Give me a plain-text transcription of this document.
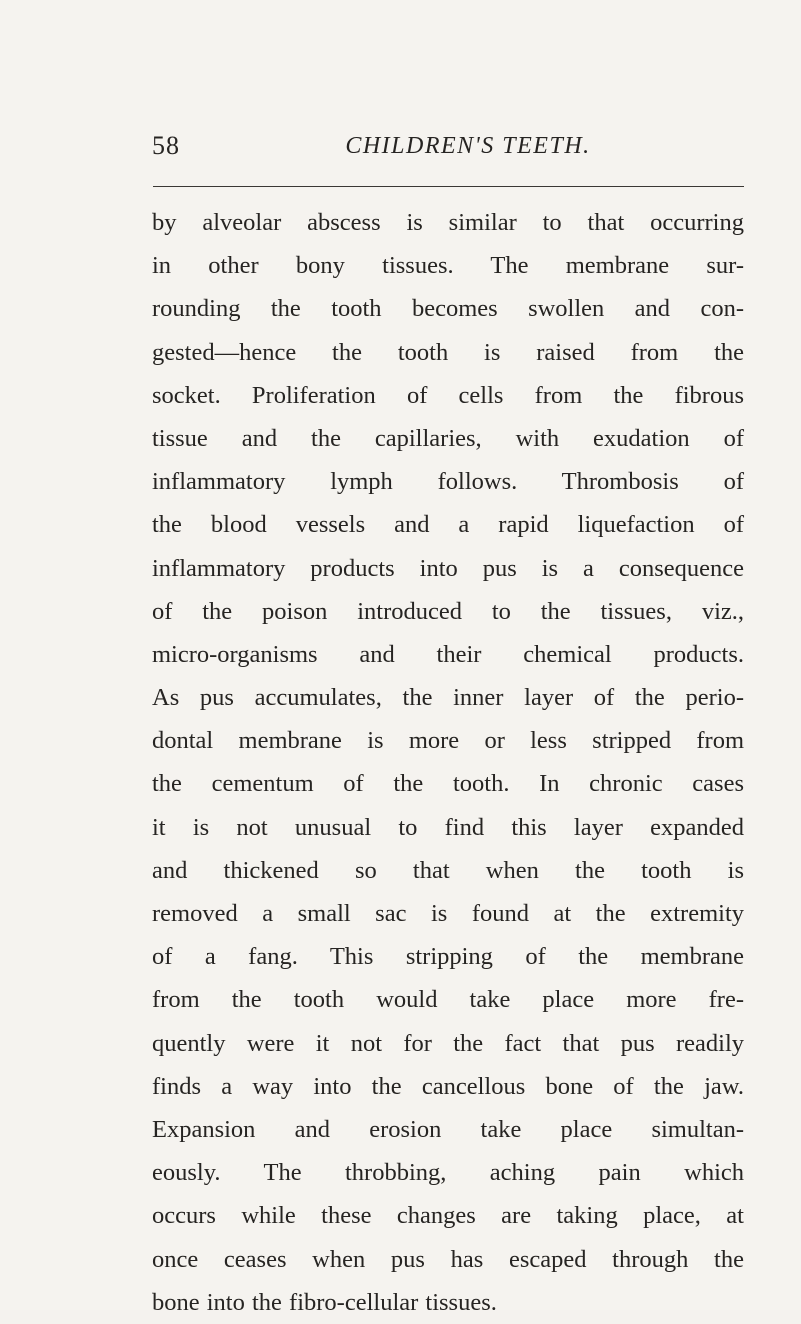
58	CHILDREN'S TEETH.

by alveolar abscess is similar to that occurring
in other bony tissues. The membrane sur-
rounding the tooth becomes swollen and con-
gested—hence the tooth is raised from the
socket. Proliferation of cells from the fibrous
tissue and the capillaries, with exudation of
inflammatory lymph follows. Thrombosis of
the blood vessels and a rapid liquefaction of
inflammatory products into pus is a consequence
of the poison introduced to the tissues, viz.,
micro-organisms and their chemical products.
As pus accumulates, the inner layer of the perio-
dontal membrane is more or less stripped from
the cementum of the tooth. In chronic cases
it is not unusual to find this layer expanded
and thickened so that when the tooth is
removed a small sac is found at the extremity
of a fang. This stripping of the membrane
from the tooth would take place more fre-
quently were it not for the fact that pus readily
finds a way into the cancellous bone of the jaw.
Expansion and erosion take place simultan-
eously. The throbbing, aching pain which
occurs while these changes are taking place, at
once ceases when pus has escaped through the
bone into the fibro-cellular tissues.
